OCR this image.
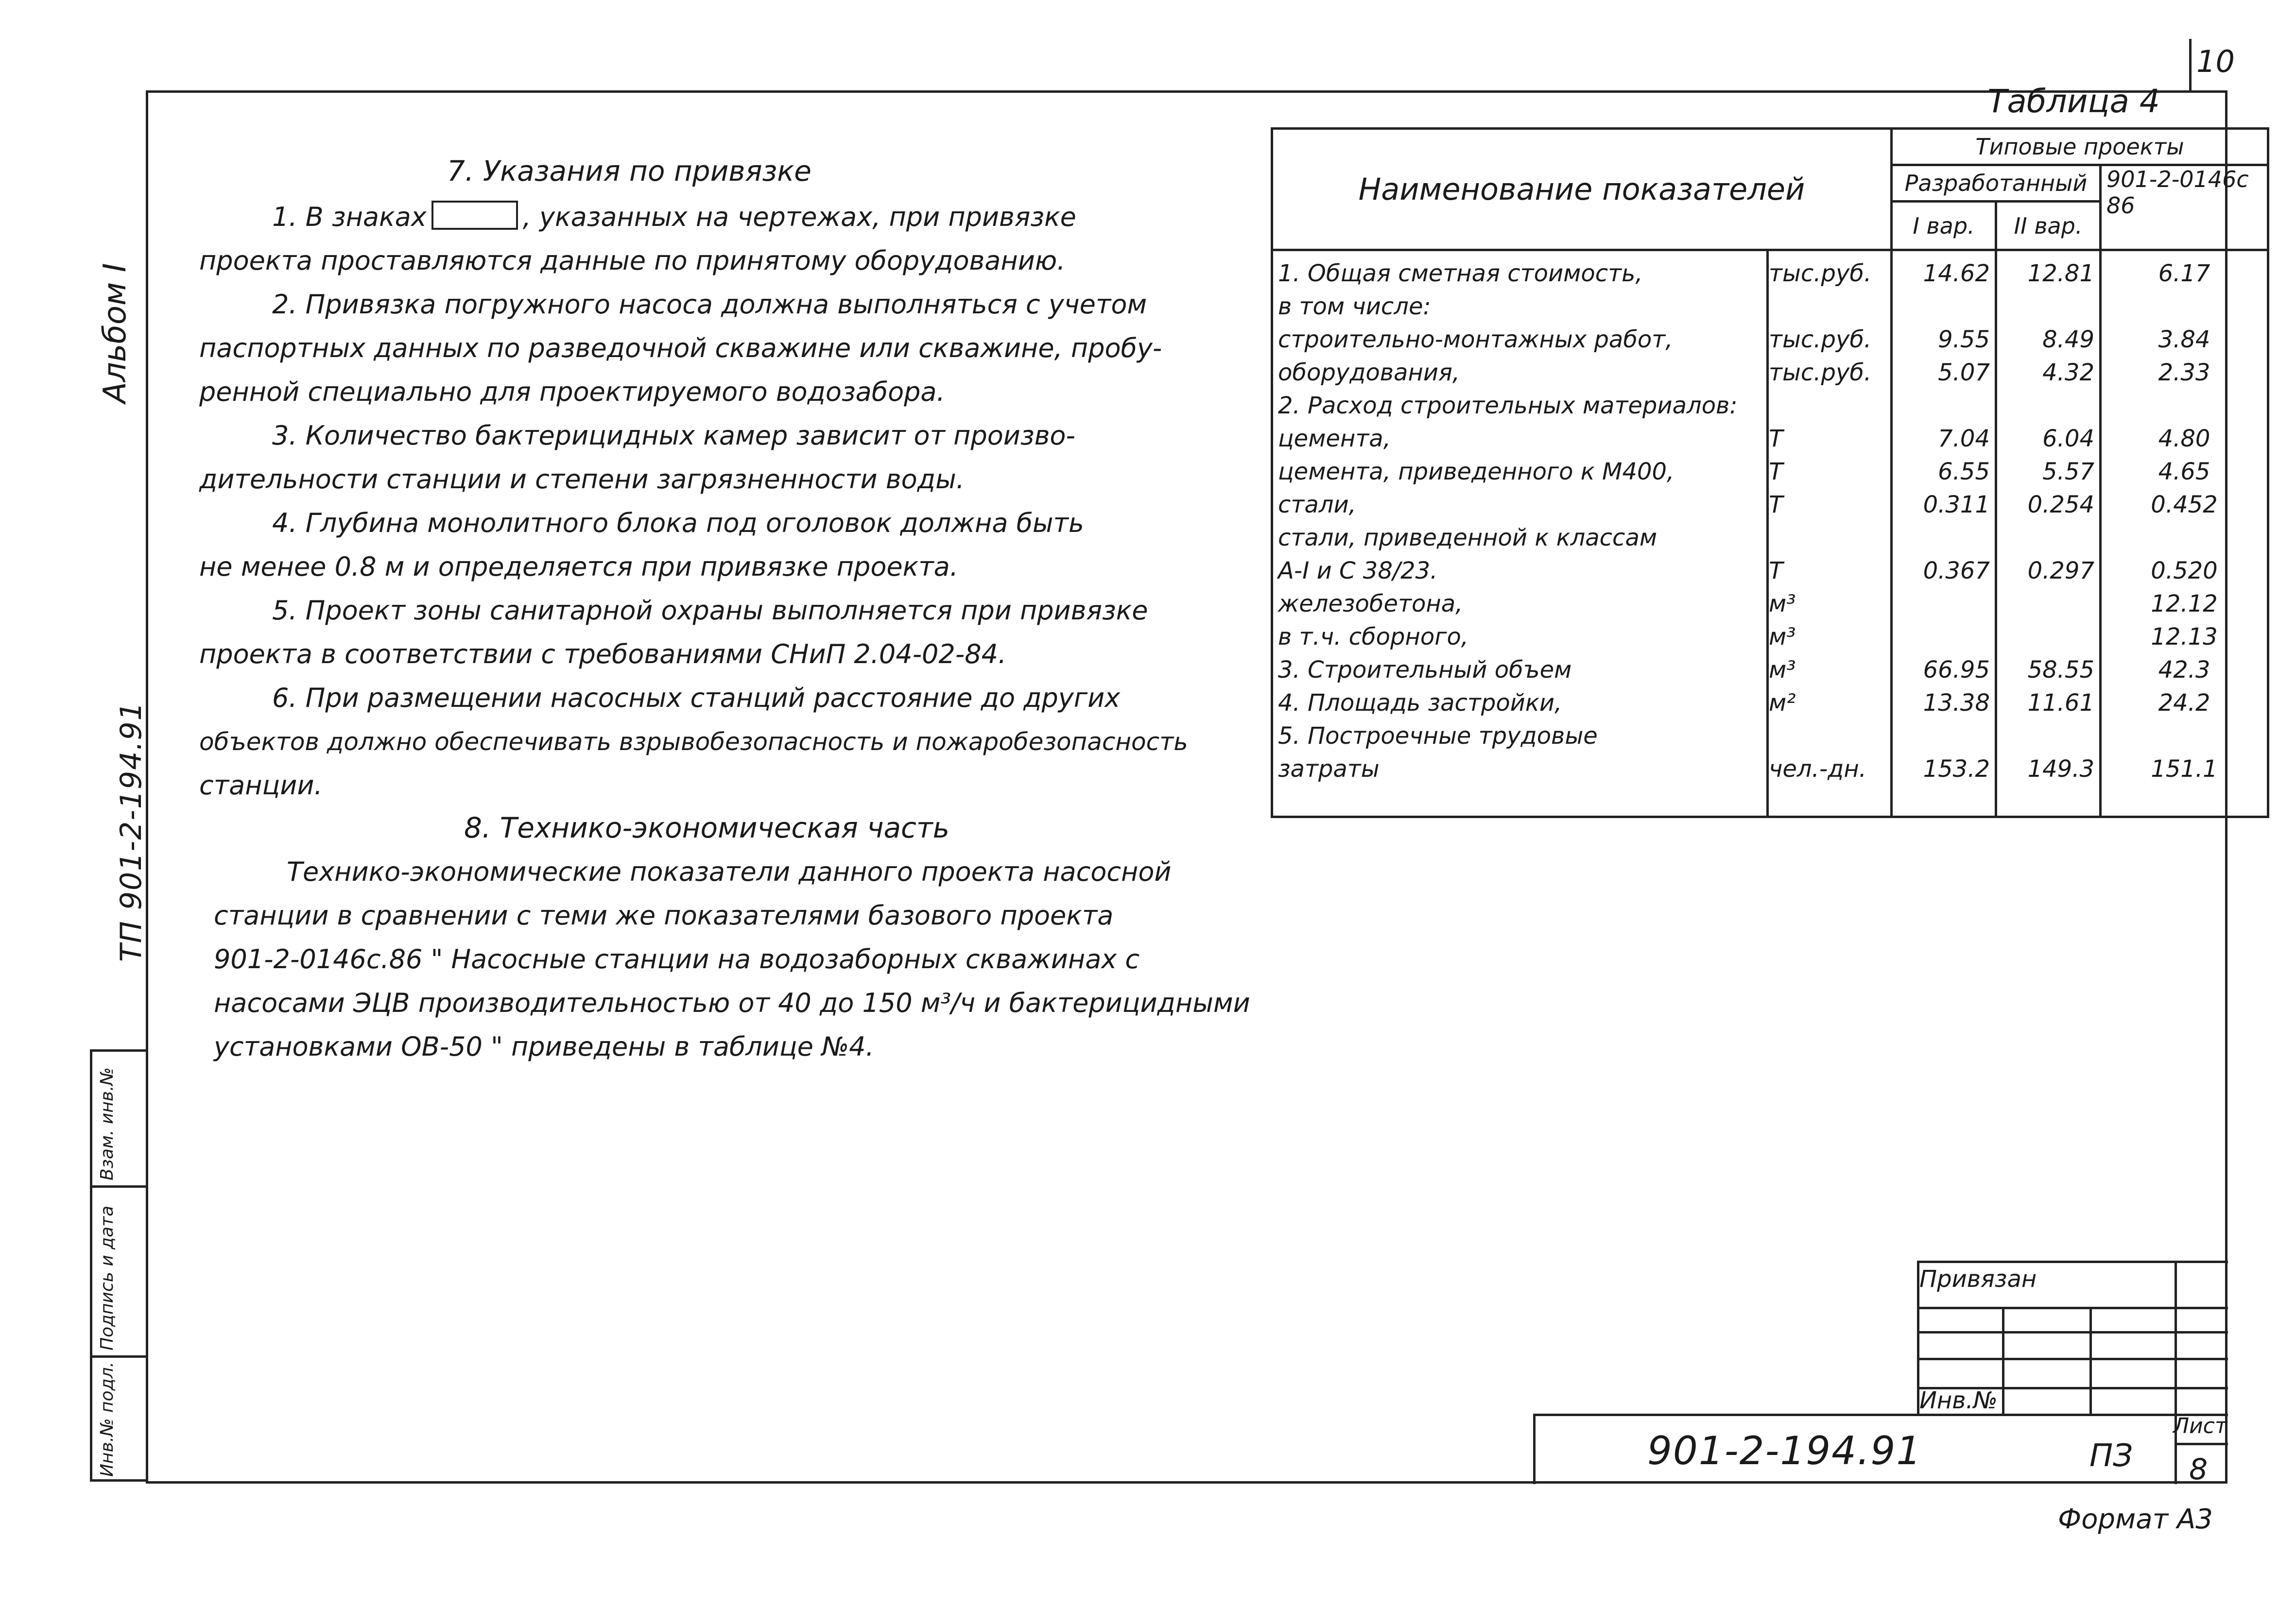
10
Инв.№ подл.
Подпись и дата
Взам. инв.№
Альбом I
ТП 901-2-194.91
7. Указания по привязке
1. В знаках	, указанных на чертежах, при привязке
проекта проставляются данные по принятому оборудованию.
2. Привязка погружного насоса должна выполняться с учетом
паспортных данных по разведочной скважине или скважине, пробу-
ренной специально для проектируемого водозабора.
3. Количество бактерицидных камер зависит от произво-
дительности станции и степени загрязненности воды.
4. Глубина монолитного блока под оголовок должна быть
не менее 0.8 м и определяется при привязке проекта.
5. Проект зоны санитарной охраны выполняется при привязке
проекта в соответствии с требованиями СНиП 2.04-02-84.
6. При размещении насосных станций расстояние до других
объектов должно обеспечивать взрывобезопасность и пожаробезопасность
станции.
8. Технико-экономическая часть
Технико-экономические показатели данного проекта насосной
станции в сравнении с теми же показателями базового проекта
901-2-0146с.86 " Насосные станции на водозаборных скважинах с
насосами ЭЦВ производительностью от 40 до 150 м³/ч и бактерицидными
установками ОВ-50 " приведены в таблице №4.
Таблица 4
Наименование показателей		Типовые проекты		
		Разработанный		901-2-0146с 86
		I вар.	II вар.	
1. Общая сметная стоимость,	тыс.руб.	14.62	12.81	6.17
в том числе:				
строительно-монтажных работ,	тыс.руб.	9.55	8.49	3.84
оборудования,	тыс.руб.	5.07	4.32	2.33
2. Расход строительных материалов:				
цемента,	Т	7.04	6.04	4.80
цемента, приведенного к М400,	Т	6.55	5.57	4.65
стали,	Т	0.311	0.254	0.452
стали, приведенной к классам				
А-I и С 38/23.	Т	0.367	0.297	0.520
железобетона,	м³			12.12
в т.ч. сборного,	м³			12.13
3. Строительный объем	м³	66.95	58.55	42.3
4. Площадь застройки,	м²	13.38	11.61	24.2
5. Построечные трудовые				
затраты	чел.-дн.	153.2	149.3	151.1
Привязан
Инв.№
901-2-194.91	ПЗ
Лист
8
Формат А3
